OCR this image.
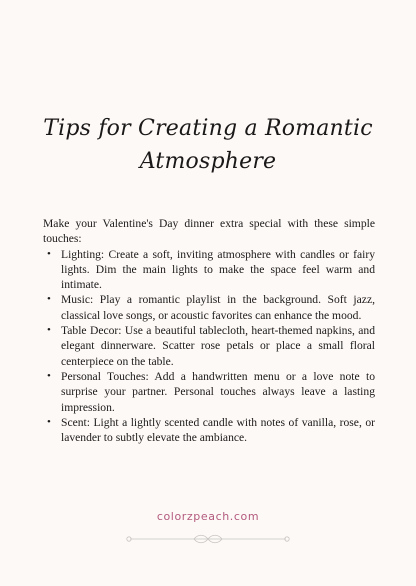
Tips for Creating a Romantic Atmosphere

Make your Valentine's Day dinner extra special with these simple touches:

• Lighting: Create a soft, inviting atmosphere with candles or fairy lights. Dim the main lights to make the space feel warm and intimate.
• Music: Play a romantic playlist in the background. Soft jazz, classical love songs, or acoustic favorites can enhance the mood.
• Table Decor: Use a beautiful tablecloth, heart-themed napkins, and elegant dinnerware. Scatter rose petals or place a small floral centerpiece on the table.
• Personal Touches: Add a handwritten menu or a love note to surprise your partner. Personal touches always leave a lasting impression.
• Scent: Light a lightly scented candle with notes of vanilla, rose, or lavender to subtly elevate the ambiance.
colorzpeach.com
